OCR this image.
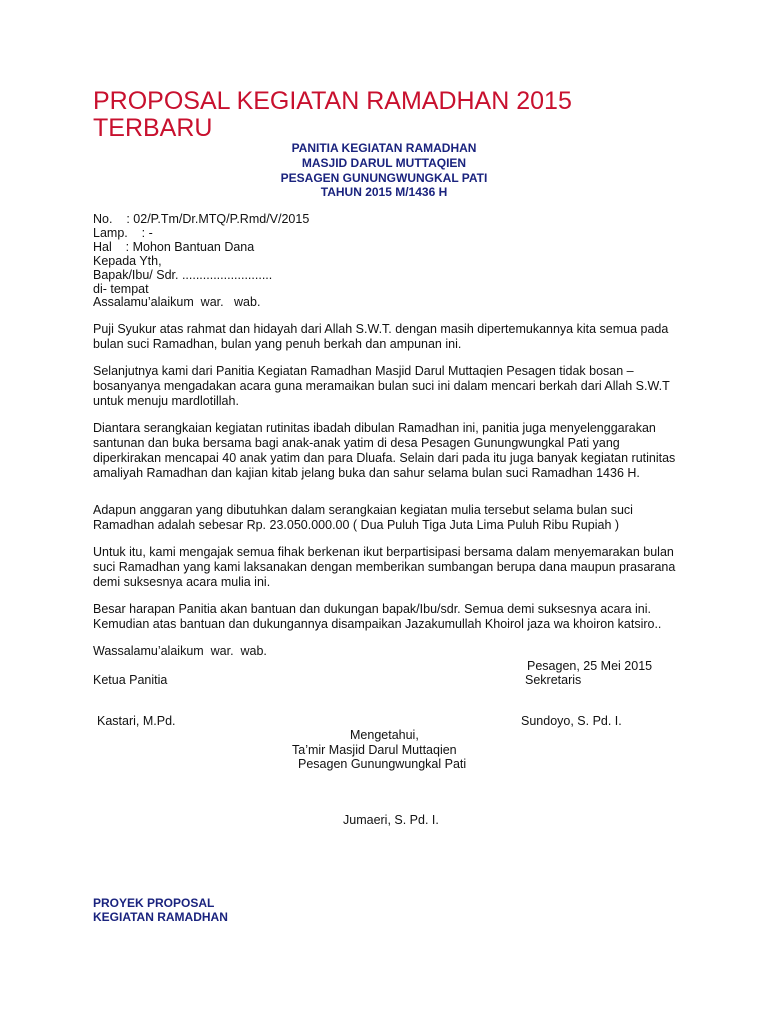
PROPOSAL KEGIATAN RAMADHAN 2015
TERBARU
PANITIA KEGIATAN RAMADHAN
MASJID DARUL MUTTAQIEN
PESAGEN GUNUNGWUNGKAL PATI
TAHUN 2015 M/1436 H
No.    : 02/P.Tm/Dr.MTQ/P.Rmd/V/2015
Lamp.    : -
Hal    : Mohon Bantuan Dana
Kepada Yth,
Bapak/Ibu/ Sdr. ..........................
di- tempat
Assalamu’alaikum  war.   wab.
Puji Syukur atas rahmat dan hidayah dari Allah S.W.T. dengan masih dipertemukannya kita semua pada bulan suci Ramadhan, bulan yang penuh berkah dan ampunan ini.
Selanjutnya kami dari Panitia Kegiatan Ramadhan Masjid Darul Muttaqien Pesagen tidak bosan – bosanyanya mengadakan acara guna meramaikan bulan suci ini dalam mencari berkah dari Allah S.W.T untuk menuju mardlotillah.
Diantara serangkaian kegiatan rutinitas ibadah dibulan Ramadhan ini, panitia juga menyelenggarakan santunan dan buka bersama bagi anak-anak yatim di desa Pesagen Gunungwungkal Pati yang diperkirakan mencapai 40 anak yatim dan para Dluafa. Selain dari pada itu juga banyak kegiatan rutinitas amaliyah Ramadhan dan kajian kitab jelang buka dan sahur selama bulan suci Ramadhan 1436 H.
Adapun anggaran yang dibutuhkan dalam serangkaian kegiatan mulia tersebut selama bulan suci Ramadhan adalah sebesar Rp. 23.050.000.00 ( Dua Puluh Tiga Juta Lima Puluh Ribu Rupiah )
Untuk itu, kami mengajak semua fihak berkenan ikut berpartisipasi bersama dalam menyemarakan bulan suci Ramadhan yang kami laksanakan dengan memberikan sumbangan berupa dana maupun prasarana demi suksesnya acara mulia ini.
Besar harapan Panitia akan bantuan dan dukungan bapak/Ibu/sdr. Semua demi suksesnya acara ini. Kemudian atas bantuan dan dukungannya disampaikan Jazakumullah Khoirol jaza wa khoiron katsiro..
Wassalamu’alaikum  war.  wab.
Pesagen, 25 Mei 2015
Ketua Panitia	Sekretaris
Kastari, M.Pd.	Sundoyo, S. Pd. I.
Mengetahui,
Ta’mir Masjid Darul Muttaqien
Pesagen Gunungwungkal Pati
Jumaeri, S. Pd. I.
PROYEK PROPOSAL
KEGIATAN RAMADHAN
